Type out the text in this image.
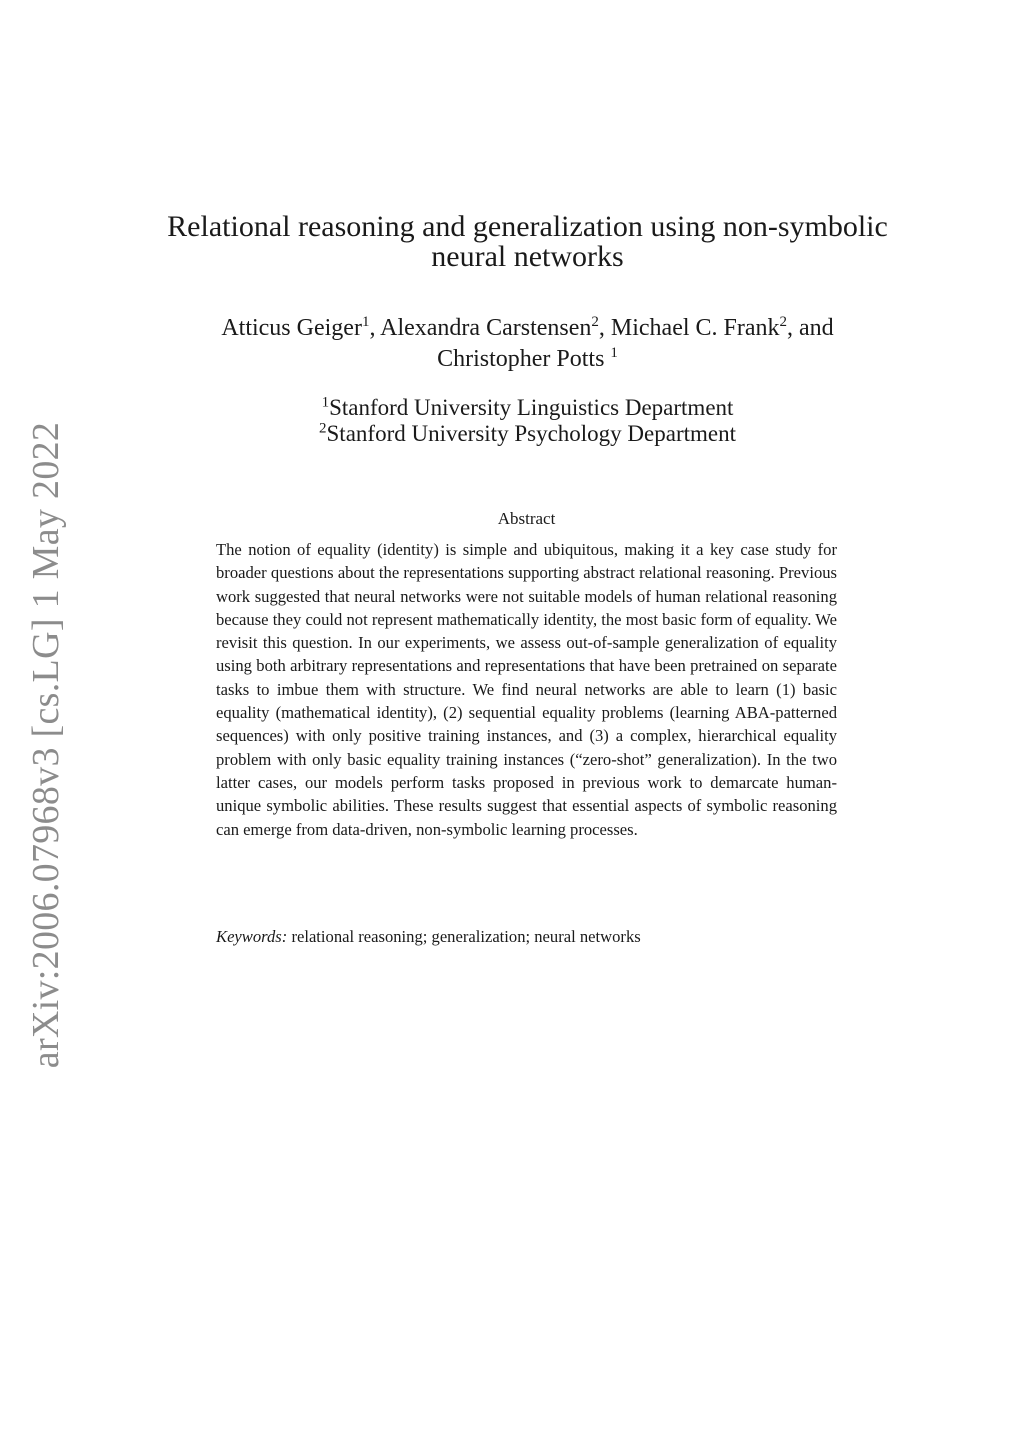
arXiv:2006.07968v3 [cs.LG] 1 May 2022
Relational reasoning and generalization using non-symbolic
neural networks
Atticus Geiger$^1$, Alexandra Carstensen$^2$, Michael C. Frank$^2$, and
Christopher Potts $^1$
$^1$Stanford University Linguistics Department
$^2$Stanford University Psychology Department
Abstract

The notion of equality (identity) is simple and ubiquitous, making it a key case study for broader questions about the representations supporting abstract relational reasoning. Previous work suggested that neural networks were not suitable models of human relational reasoning because they could not represent mathematically identity, the most basic form of equality. We revisit this question. In our experiments, we assess out-of-sample generalization of equality using both arbitrary representations and representations that have been pretrained on separate tasks to imbue them with structure. We find neural networks are able to learn (1) basic equality (mathematical identity), (2) sequential equality problems (learning ABA-patterned sequences) with only positive training instances, and (3) a complex, hierarchical equality problem with only basic equality training instances (“zero-shot” generalization). In the two latter cases, our models perform tasks proposed in previous work to demarcate human-unique symbolic abilities. These results suggest that essential aspects of symbolic reasoning can emerge from data-driven, non-symbolic learning processes.

Keywords: relational reasoning; generalization; neural networks
